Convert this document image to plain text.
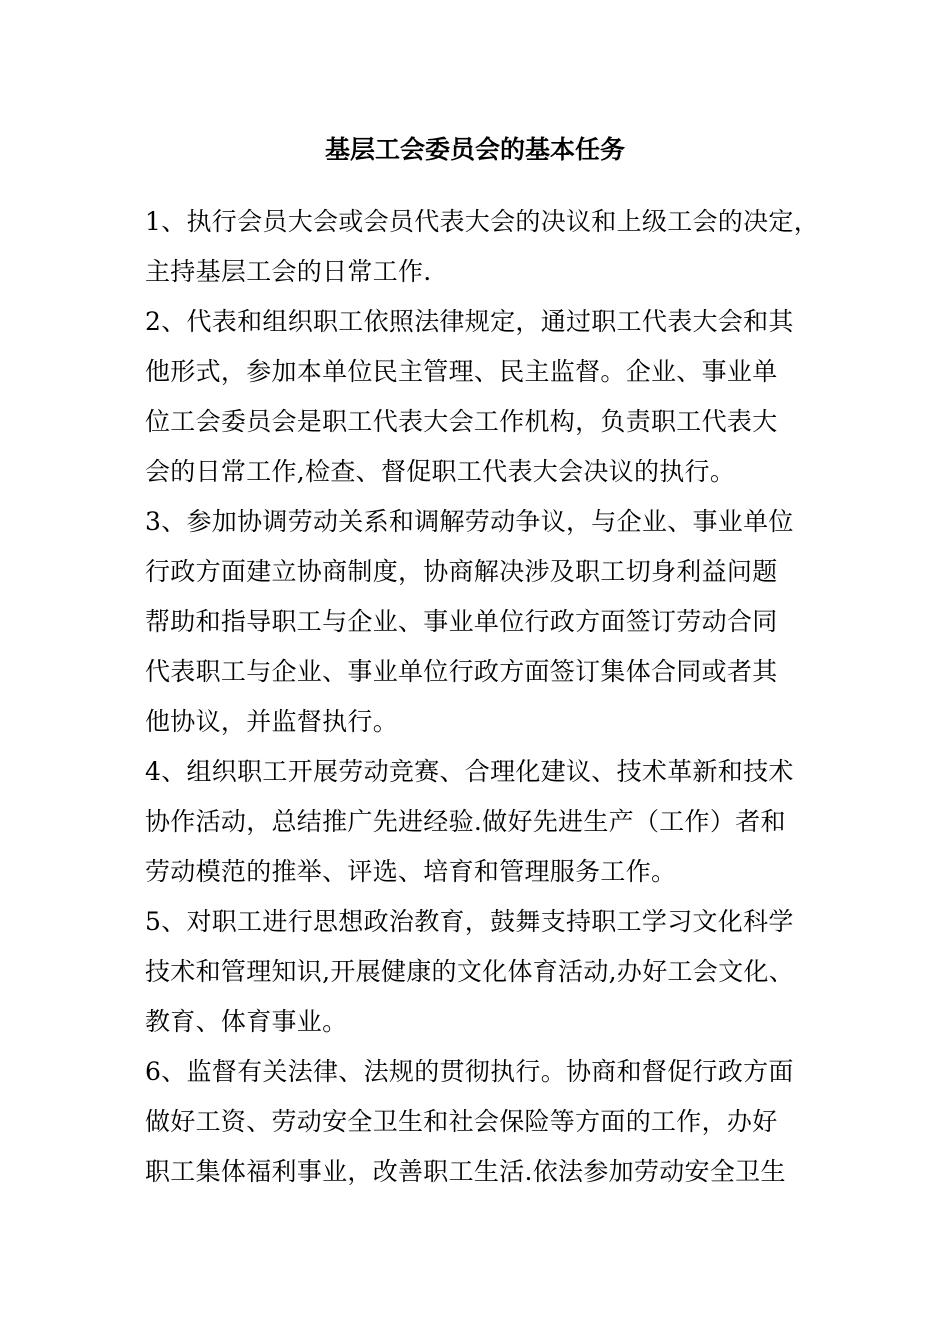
基层工会委员会的基本任务
1、执行会员大会或会员代表大会的决议和上级工会的决定，
主持基层工会的日常工作.
2、代表和组织职工依照法律规定，通过职工代表大会和其
他形式，参加本单位民主管理、民主监督。企业、事业单
位工会委员会是职工代表大会工作机构，负责职工代表大
会的日常工作,检查、督促职工代表大会决议的执行。
3、参加协调劳动关系和调解劳动争议，与企业、事业单位
行政方面建立协商制度，协商解决涉及职工切身利益问题
帮助和指导职工与企业、事业单位行政方面签订劳动合同
代表职工与企业、事业单位行政方面签订集体合同或者其
他协议，并监督执行。
4、组织职工开展劳动竞赛、合理化建议、技术革新和技术
协作活动，总结推广先进经验.做好先进生产（工作）者和
劳动模范的推举、评选、培育和管理服务工作。
5、对职工进行思想政治教育，鼓舞支持职工学习文化科学
技术和管理知识,开展健康的文化体育活动,办好工会文化、
教育、体育事业。
6、监督有关法律、法规的贯彻执行。协商和督促行政方面
做好工资、劳动安全卫生和社会保险等方面的工作，办好
职工集体福利事业，改善职工生活.依法参加劳动安全卫生
